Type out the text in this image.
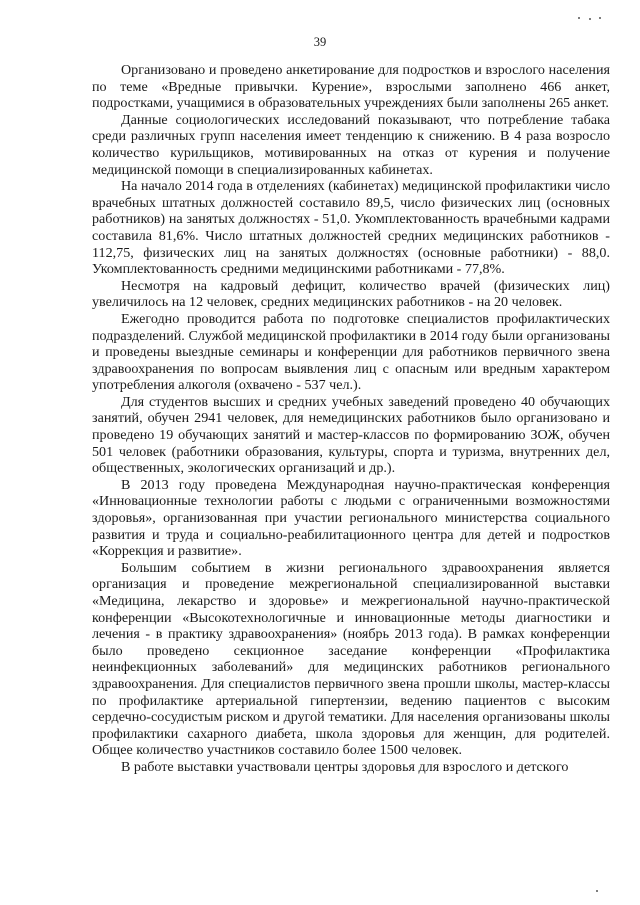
39

Организовано и проведено анкетирование для подростков и взрослого населения по теме «Вредные привычки. Курение», взрослыми заполнено 466 анкет, подростками, учащимися в образовательных учреждениях были заполнены 265 анкет.

Данные социологических исследований показывают, что потребление табака среди различных групп населения имеет тенденцию к снижению. В 4 раза возросло количество курильщиков, мотивированных на отказ от курения и получение медицинской помощи в специализированных кабинетах.

На начало 2014 года в отделениях (кабинетах) медицинской профилактики число врачебных штатных должностей составило 89,5, число физических лиц (основных работников) на занятых должностях - 51,0. Укомплектованность врачебными кадрами составила 81,6%. Число штатных должностей средних медицинских работников - 112,75, физических лиц на занятых должностях (основные работники) - 88,0. Укомплектованность средними медицинскими работниками - 77,8%.

Несмотря на кадровый дефицит, количество врачей (физических лиц) увеличилось на 12 человек, средних медицинских работников - на 20 человек.

Ежегодно проводится работа по подготовке специалистов профилактических подразделений. Службой медицинской профилактики в 2014 году были организованы и проведены выездные семинары и конференции для работников первичного звена здравоохранения по вопросам выявления лиц с опасным или вредным характером употребления алкоголя (охвачено - 537 чел.).

Для студентов высших и средних учебных заведений проведено 40 обучающих занятий, обучен 2941 человек, для немедицинских работников было организовано и проведено 19 обучающих занятий и мастер-классов по формированию ЗОЖ, обучен 501 человек (работники образования, культуры, спорта и туризма, внутренних дел, общественных, экологических организаций и др.).

В 2013 году проведена Международная научно-практическая конференция «Инновационные технологии работы с людьми с ограниченными возможностями здоровья», организованная при участии регионального министерства социального развития и труда и социально-реабилитационного центра для детей и подростков «Коррекция и развитие».

Большим событием в жизни регионального здравоохранения является организация и проведение межрегиональной специализированной выставки «Медицина, лекарство и здоровье» и межрегиональной научно-практической конференции «Высокотехнологичные и инновационные методы диагностики и лечения - в практику здравоохранения» (ноябрь 2013 года). В рамках конференции было проведено секционное заседание конференции «Профилактика неинфекционных заболеваний» для медицинских работников регионального здравоохранения. Для специалистов первичного звена прошли школы, мастер-классы по профилактике артериальной гипертензии, ведению пациентов с высоким сердечно-сосудистым риском и другой тематики. Для населения организованы школы профилактики сахарного диабета, школа здоровья для женщин, для родителей. Общее количество участников составило более 1500 человек.

В работе выставки участвовали центры здоровья для взрослого и детского
